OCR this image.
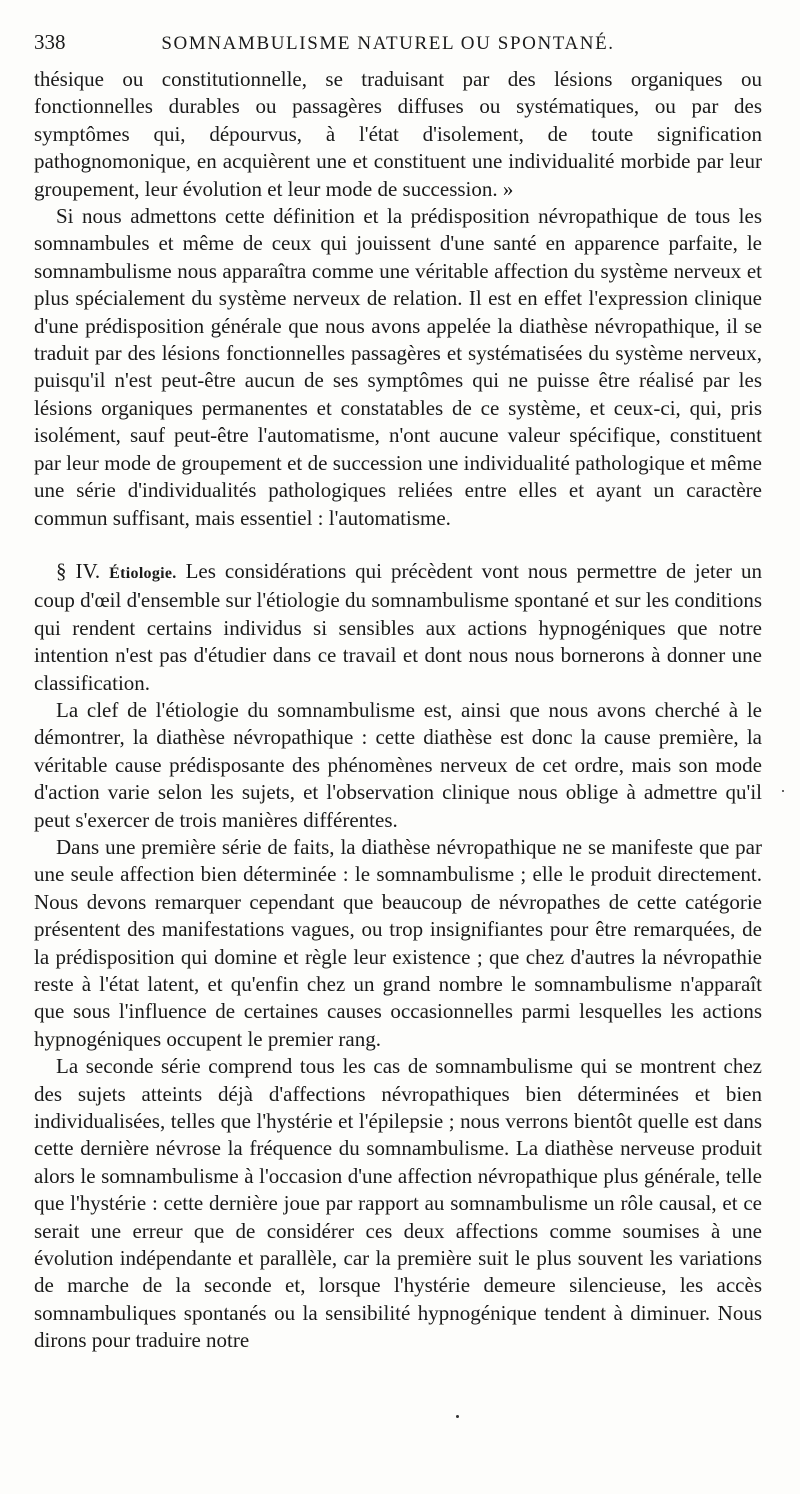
338	SOMNAMBULISME NATUREL OU SPONTANÉ.

thésique ou constitutionnelle, se traduisant par des lésions organiques ou fonctionnelles durables ou passagères diffuses ou systématiques, ou par des symptômes qui, dépourvus, à l'état d'isolement, de toute signification pathognomonique, en acquièrent une et constituent une individualité morbide par leur groupement, leur évolution et leur mode de succession. »

Si nous admettons cette définition et la prédisposition névropathique de tous les somnambules et même de ceux qui jouissent d'une santé en apparence parfaite, le somnambulisme nous apparaîtra comme une véritable affection du système nerveux et plus spécialement du système nerveux de relation. Il est en effet l'expression clinique d'une prédisposition générale que nous avons appelée la diathèse névropathique, il se traduit par des lésions fonctionnelles passagères et systématisées du système nerveux, puisqu'il n'est peut-être aucun de ses symptômes qui ne puisse être réalisé par les lésions organiques permanentes et constatables de ce système, et ceux-ci, qui, pris isolément, sauf peut-être l'automatisme, n'ont aucune valeur spécifique, constituent par leur mode de groupement et de succession une individualité pathologique et même une série d'individualités pathologiques reliées entre elles et ayant un caractère commun suffisant, mais essentiel : l'automatisme.

§ IV. Étiologie. Les considérations qui précèdent vont nous permettre de jeter un coup d'œil d'ensemble sur l'étiologie du somnambulisme spontané et sur les conditions qui rendent certains individus si sensibles aux actions hypnogéniques que notre intention n'est pas d'étudier dans ce travail et dont nous nous bornerons à donner une classification.

La clef de l'étiologie du somnambulisme est, ainsi que nous avons cherché à le démontrer, la diathèse névropathique : cette diathèse est donc la cause première, la véritable cause prédisposante des phénomènes nerveux de cet ordre, mais son mode d'action varie selon les sujets, et l'observation clinique nous oblige à admettre qu'il peut s'exercer de trois manières différentes.

Dans une première série de faits, la diathèse névropathique ne se manifeste que par une seule affection bien déterminée : le somnambulisme ; elle le produit directement. Nous devons remarquer cependant que beaucoup de névropathes de cette catégorie présentent des manifestations vagues, ou trop insignifiantes pour être remarquées, de la prédisposition qui domine et règle leur existence ; que chez d'autres la névropathie reste à l'état latent, et qu'enfin chez un grand nombre le somnambulisme n'apparaît que sous l'influence de certaines causes occasionnelles parmi lesquelles les actions hypnogéniques occupent le premier rang.

La seconde série comprend tous les cas de somnambulisme qui se montrent chez des sujets atteints déjà d'affections névropathiques bien déterminées et bien individualisées, telles que l'hystérie et l'épilepsie ; nous verrons bientôt quelle est dans cette dernière névrose la fréquence du somnambulisme. La diathèse nerveuse produit alors le somnambulisme à l'occasion d'une affection névropathique plus générale, telle que l'hystérie : cette dernière joue par rapport au somnambulisme un rôle causal, et ce serait une erreur que de considérer ces deux affections comme soumises à une évolution indépendante et parallèle, car la première suit le plus souvent les variations de marche de la seconde et, lorsque l'hystérie demeure silencieuse, les accès somnambuliques spontanés ou la sensibilité hypnogénique tendent à diminuer. Nous dirons pour traduire notre
